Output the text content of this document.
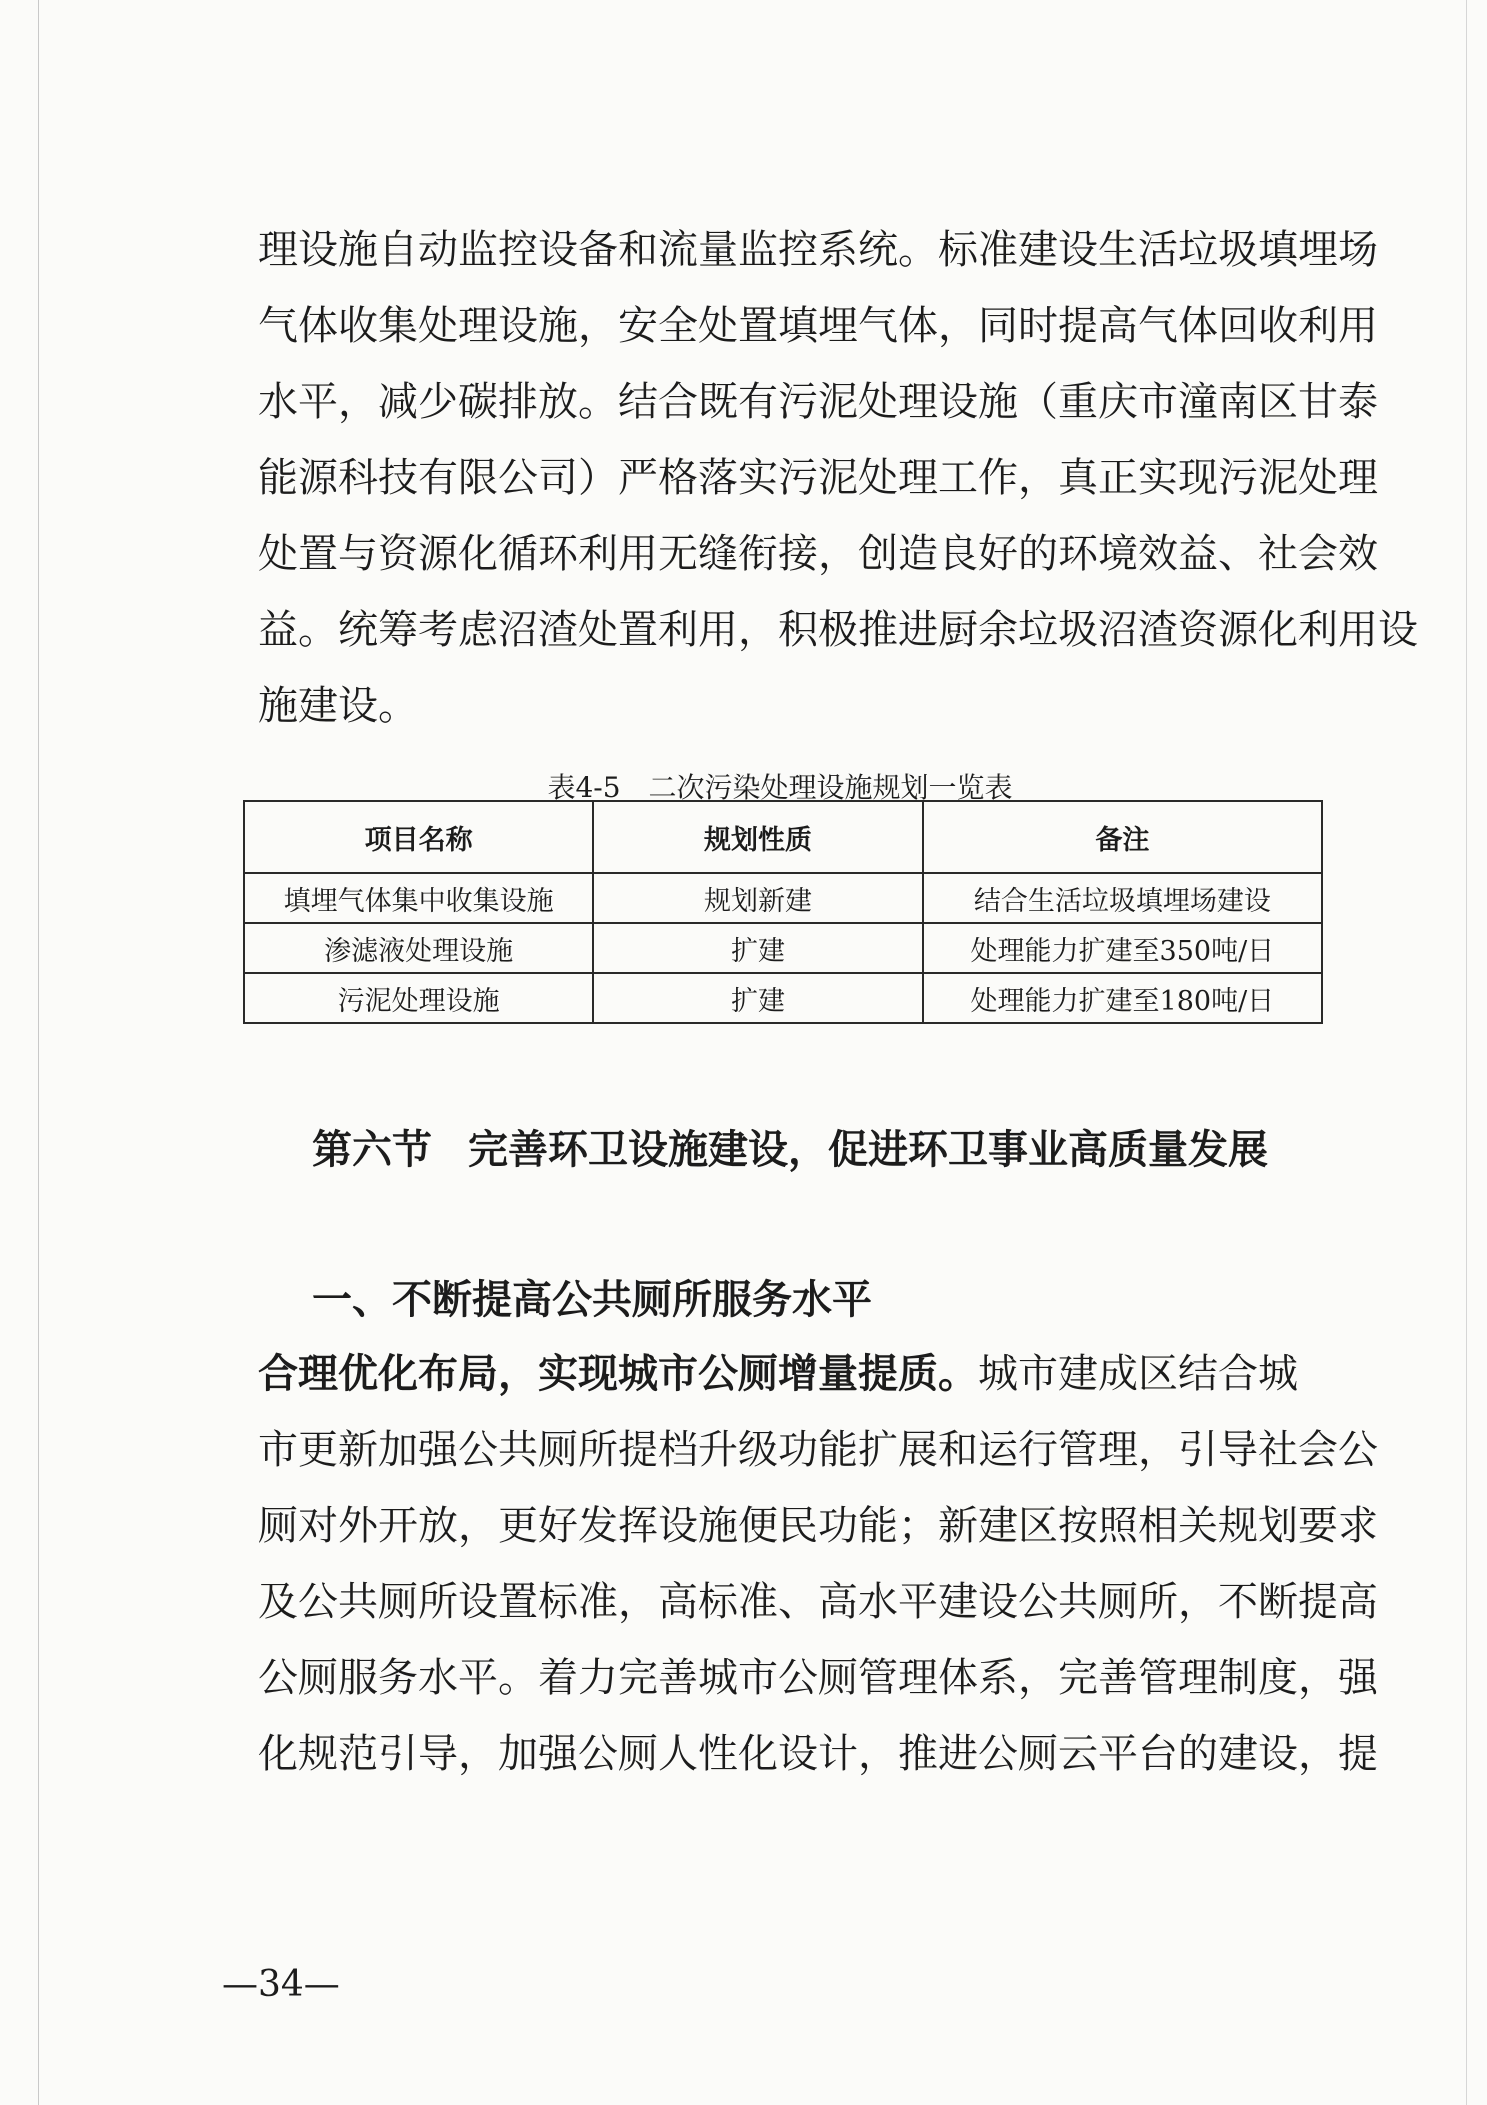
理设施自动监控设备和流量监控系统。标准建设生活垃圾填埋场
气体收集处理设施，安全处置填埋气体，同时提高气体回收利用
水平，减少碳排放。结合既有污泥处理设施（重庆市潼南区甘泰
能源科技有限公司）严格落实污泥处理工作，真正实现污泥处理
处置与资源化循环利用无缝衔接，创造良好的环境效益、社会效
益。统筹考虑沼渣处置利用，积极推进厨余垃圾沼渣资源化利用设
施建设。
表4-5　二次污染处理设施规划一览表
项目名称	规划性质	备注
填埋气体集中收集设施	规划新建	结合生活垃圾填埋场建设
渗滤液处理设施	扩建	处理能力扩建至350吨/日
污泥处理设施	扩建	处理能力扩建至180吨/日
第六节 完善环卫设施建设，促进环卫事业高质量发展
一、不断提高公共厕所服务水平
合理优化布局，实现城市公厕增量提质。城市建成区结合城
市更新加强公共厕所提档升级功能扩展和运行管理，引导社会公
厕对外开放，更好发挥设施便民功能；新建区按照相关规划要求
及公共厕所设置标准，高标准、高水平建设公共厕所，不断提高
公厕服务水平。着力完善城市公厕管理体系，完善管理制度，强
化规范引导，加强公厕人性化设计，推进公厕云平台的建设，提
—34—
